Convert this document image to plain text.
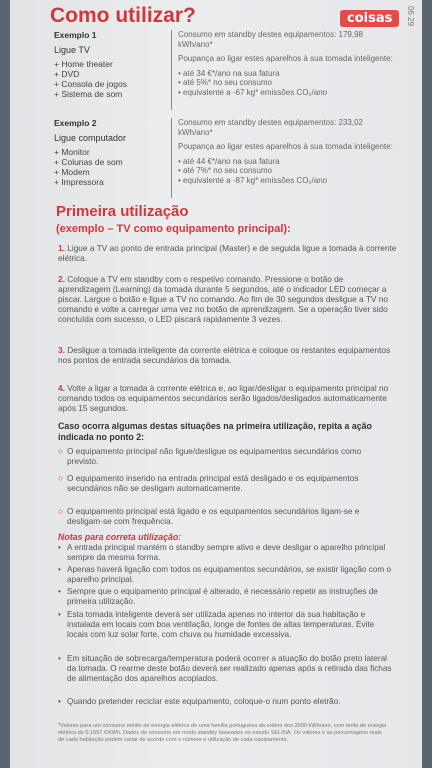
Como utilizar?	coisas	06 29
Exemplo 1
Ligue TV
+ Home theater
+ DVD
+ Consola de jogos
+ Sistema de som
Consumo em standby destes equipamentos: 179,98 kWh/ano*
Poupança ao ligar estes aparelhos à sua tomada inteligente:
• até 34 €*/ano na sua fatura
• até 5%* no seu consumo
• equivalente a -67 kg* emissões CO₂/ano
Exemplo 2
Ligue computador
+ Monitor
+ Colunas de som
+ Modem
+ Impressora
Consumo em standby destes equipamentos: 233,02 kWh/ano*
Poupança ao ligar estes aparelhos à sua tomada inteligente:
• até 44 €*/ano na sua fatura
• até 7%* no seu consumo
• equivalente a -87 kg* emissões CO₂/ano
Primeira utilização
(exemplo – TV como equipamento principal):
1. Ligue a TV ao ponto de entrada principal (Master) e de seguida ligue a tomada à corrente elétrica.
2. Coloque a TV em standby com o respetivo comando. Pressione o botão de aprendizagem (Learning) da tomada durante 5 segundos, até o indicador LED começar a piscar. Largue o botão e ligue a TV no comando. Ao fim de 30 segundos desligue a TV no comando e volte a carregar uma vez no botão de aprendizagem. Se a operação tiver sido concluída com sucesso, o LED piscará rapidamente 3 vezes.
3. Desligue a tomada inteligente da corrente elétrica e coloque os restantes equipamentos nos pontos de entrada secundários da tomada.
4. Volte a ligar a tomada à corrente elétrica e, ao ligar/desligar o equipamento principal no comando todos os equipamentos secundários serão ligados/desligados automaticamente após 15 segundos.
Caso ocorra algumas destas situações na primeira utilização, repita a ação indicada no ponto 2:
○ O equipamento principal não ligue/desligue os equipamentos secundários como previsto.
○ O equipamento inserido na entrada principal está desligado e os equipamentos secundários não se desligam automaticamente.
○ O equipamento principal está ligado e os equipamentos secundários ligam-se e desligam-se com frequência.
Notas para correta utilização:
• A entrada principal mantém o standby sempre ativo e deve desligar o aparelho principal sempre da mesma forma.
• Apenas haverá ligação com todos os equipamentos secundários, se existir ligação com o aparelho principal.
• Sempre que o equipamento principal é alterado, é necessário repetir as instruções de primeira utilização.
• Esta tomada inteligente deverá ser utilizada apenas no interior da sua habitação e instalada em locais com boa ventilação, longe de fontes de altas temperaturas. Evite locais com luz solar forte, com chuva ou humidade excessiva.
• Em situação de sobrecarga/temperatura poderá ocorrer a atuação do botão preto lateral da tomada. O rearme deste botão deverá ser realizado apenas após a retirada das fichas de alimentação dos aparelhos acoplados.
• Quando pretender reciclar este equipamento, coloque-o num ponto eletrão.
*Valores para um consumo médio de energia elétrica de uma família portuguesa da ordem dos 3500 kWh/ano, com tarifa de energia elétrica de 0,1557 €/kWh. Dados de consumo em modo standby baseados no estudo SELINA. Os valores e as percentagens reais de cada habitação podem variar de acordo com o número e utilização de cada equipamento.
